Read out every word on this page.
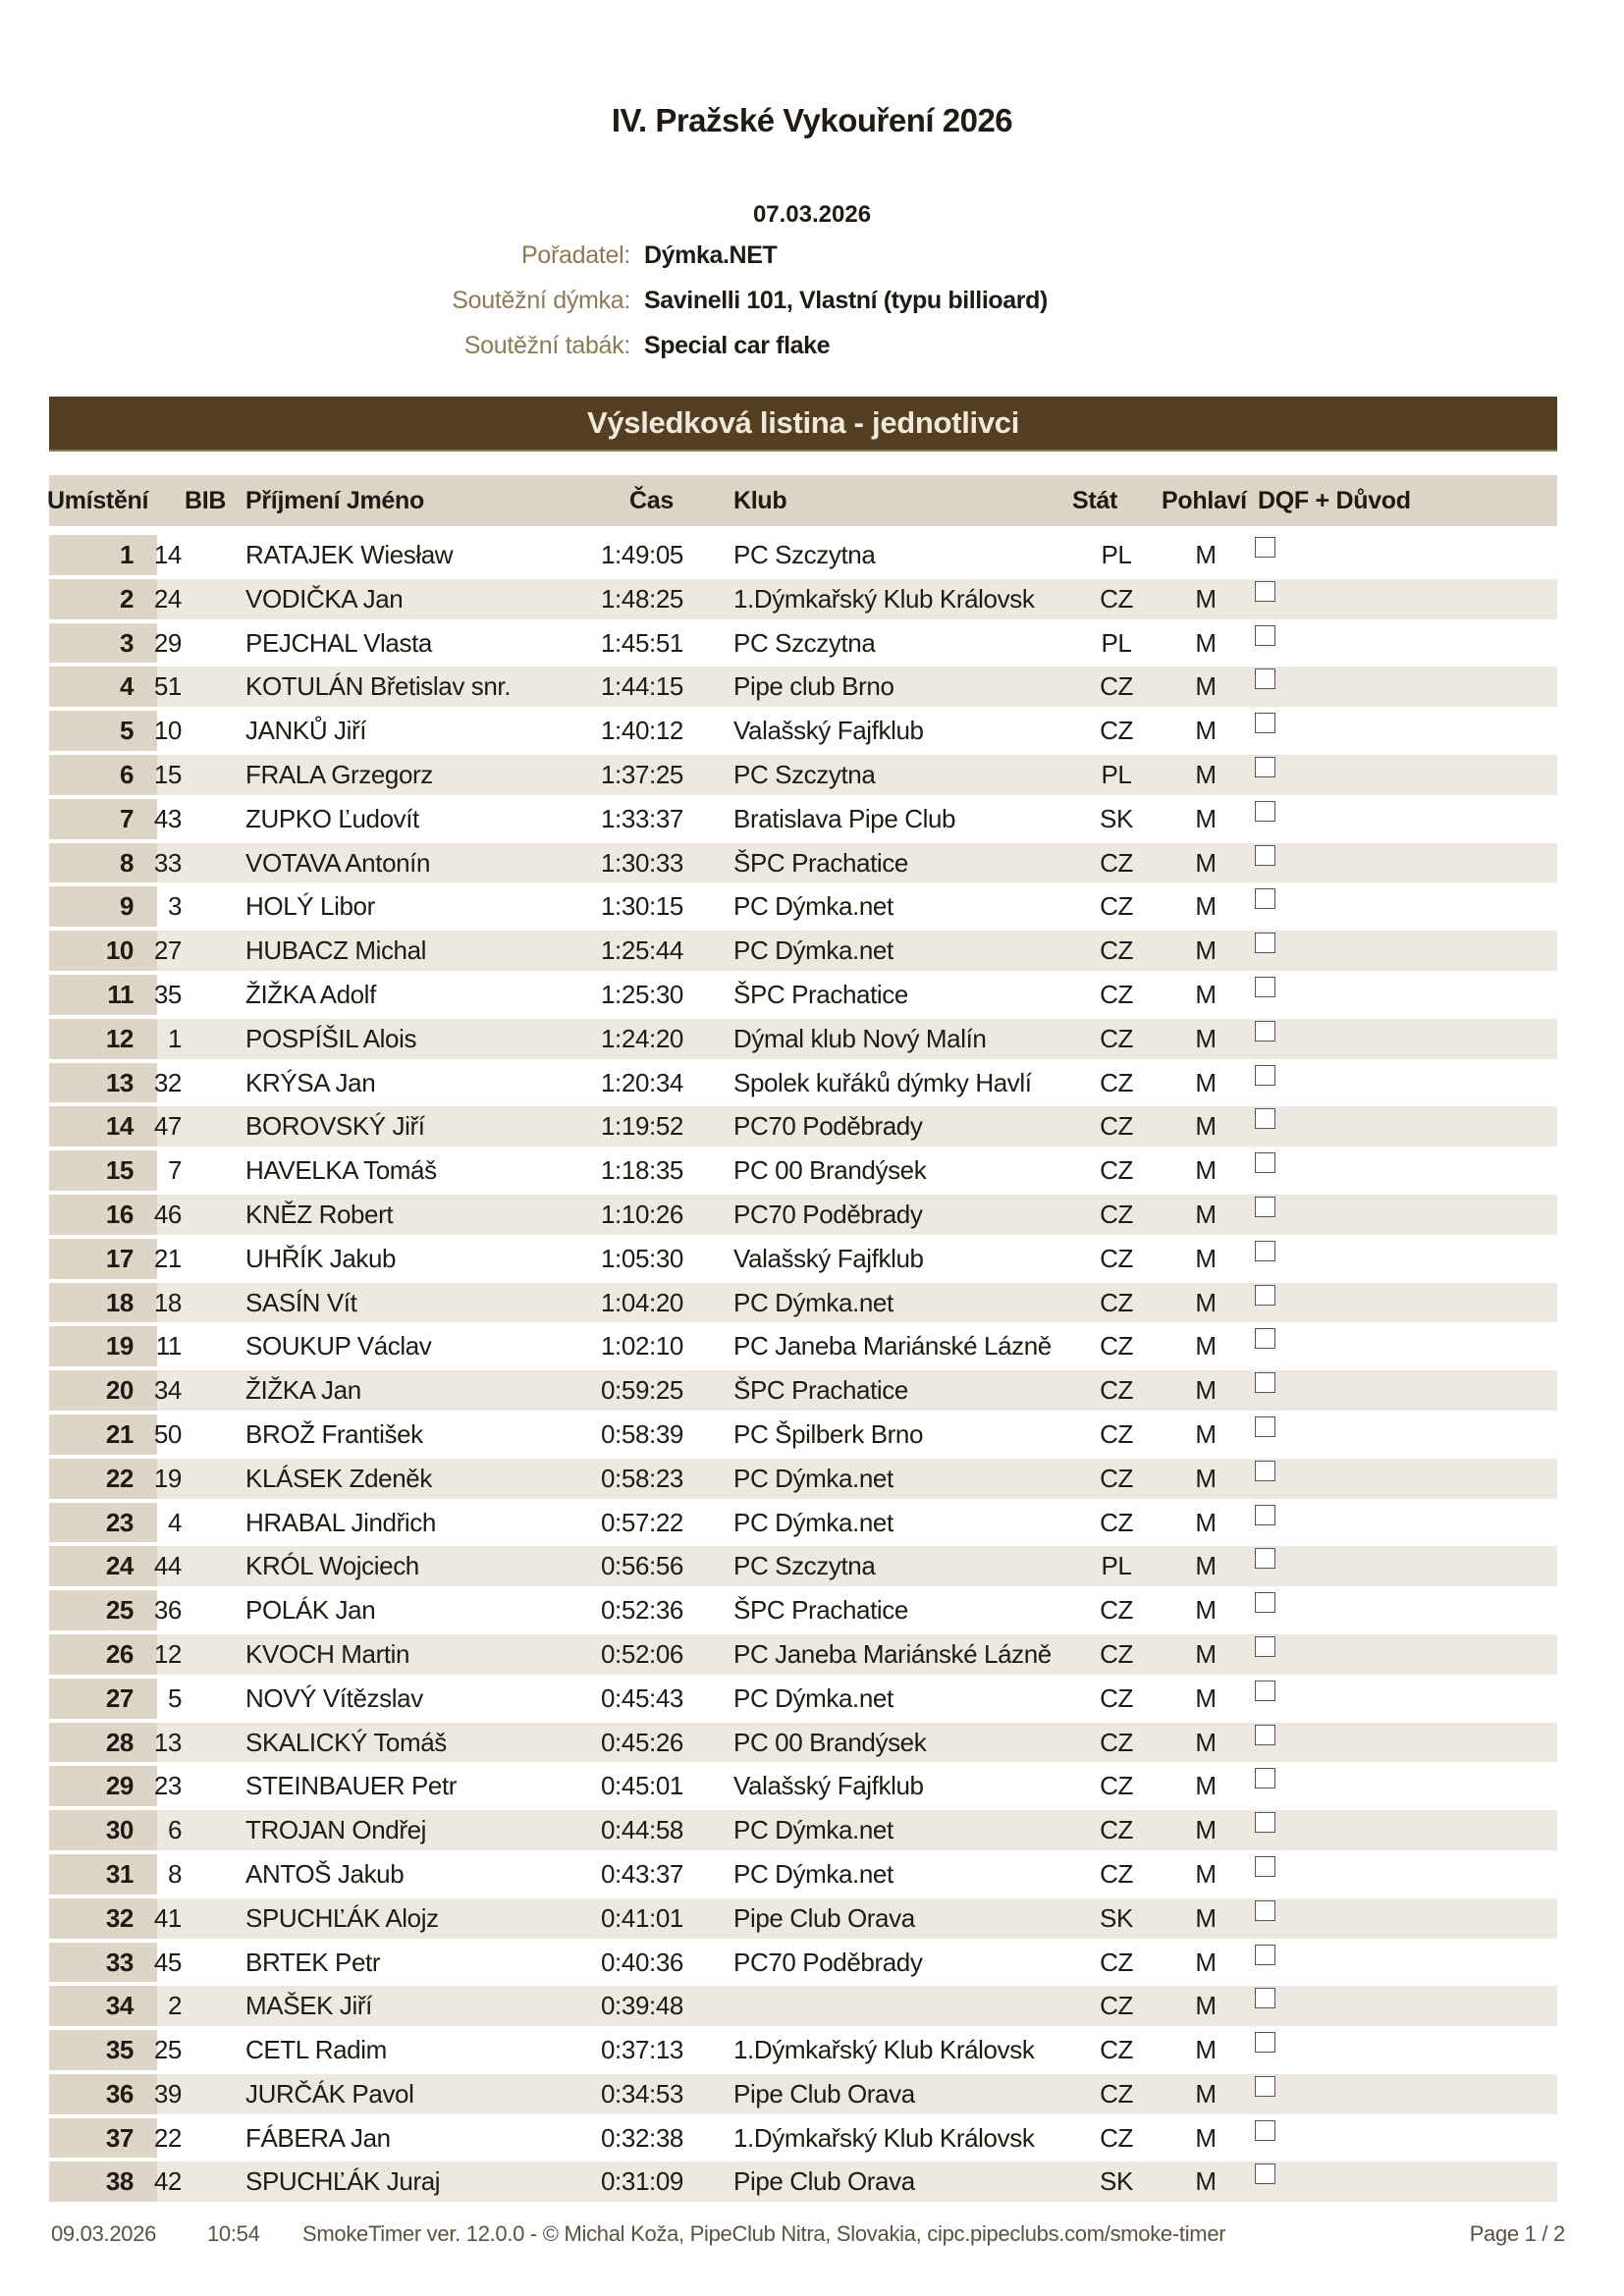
IV. Pražské Vykouření 2026
07.03.2026
Pořadatel: Dýmka.NET
Soutěžní dýmka: Savinelli 101, Vlastní (typu billioard)
Soutěžní tabák: Special car flake
Výsledková listina - jednotlivci
Umístění BIB Příjmení Jméno	Čas Klub	Stát Pohlaví DQF + Důvod
1 14	RATAJEK Wiesław	1:49:05 PC Szczytna	PL	M
2 24	VODIČKA Jan	1:48:25 1.Dýmkařský Klub Královsk	CZ	M
3 29	PEJCHAL Vlasta	1:45:51 PC Szczytna	PL	M
4 51	KOTULÁN Břetislav snr.	1:44:15 Pipe club Brno	CZ	M
5 10	JANKŮ Jiří	1:40:12 Valašský Fajfklub	CZ	M
6 15	FRALA Grzegorz	1:37:25 PC Szczytna	PL	M
7 43	ZUPKO Ľudovít	1:33:37 Bratislava Pipe Club	SK	M
8 33	VOTAVA Antonín	1:30:33 ŠPC Prachatice	CZ	M
9	3	HOLÝ Libor	1:30:15 PC Dýmka.net	CZ	M
10 27	HUBACZ Michal	1:25:44 PC Dýmka.net	CZ	M
11 35	ŽIŽKA Adolf	1:25:30 ŠPC Prachatice	CZ	M
12	1	POSPÍŠIL Alois	1:24:20 Dýmal klub Nový Malín	CZ	M
13 32	KRÝSA Jan	1:20:34 Spolek kuřáků dýmky Havlí	CZ	M
14 47	BOROVSKÝ Jiří	1:19:52 PC70 Poděbrady	CZ	M
15	7	HAVELKA Tomáš	1:18:35 PC 00 Brandýsek	CZ	M
16 46	KNĚZ Robert	1:10:26 PC70 Poděbrady	CZ	M
17 21	UHŘÍK Jakub	1:05:30 Valašský Fajfklub	CZ	M
18 18	SASÍN Vít	1:04:20 PC Dýmka.net	CZ	M
19 11	SOUKUP Václav	1:02:10 PC Janeba Mariánské Lázně	CZ	M
20 34	ŽIŽKA Jan	0:59:25 ŠPC Prachatice	CZ	M
21 50	BROŽ František	0:58:39 PC Špilberk Brno	CZ	M
22 19	KLÁSEK Zdeněk	0:58:23 PC Dýmka.net	CZ	M
23	4	HRABAL Jindřich	0:57:22 PC Dýmka.net	CZ	M
24 44	KRÓL Wojciech	0:56:56 PC Szczytna	PL	M
25 36	POLÁK Jan	0:52:36 ŠPC Prachatice	CZ	M
26 12	KVOCH Martin	0:52:06 PC Janeba Mariánské Lázně	CZ	M
27	5	NOVÝ Vítězslav	0:45:43 PC Dýmka.net	CZ	M
28 13	SKALICKÝ Tomáš	0:45:26 PC 00 Brandýsek	CZ	M
29 23	STEINBAUER Petr	0:45:01 Valašský Fajfklub	CZ	M
30	6	TROJAN Ondřej	0:44:58 PC Dýmka.net	CZ	M
31	8	ANTOŠ Jakub	0:43:37 PC Dýmka.net	CZ	M
32 41	SPUCHĽÁK Alojz	0:41:01 Pipe Club Orava	SK	M
33 45	BRTEK Petr	0:40:36 PC70 Poděbrady	CZ	M
34	2	MAŠEK Jiří	0:39:48	CZ	M
35 25	CETL Radim	0:37:13 1.Dýmkařský Klub Královsk	CZ	M
36 39	JURČÁK Pavol	0:34:53 Pipe Club Orava	CZ	M
37 22	FÁBERA Jan	0:32:38 1.Dýmkařský Klub Královsk	CZ	M
38 42	SPUCHĽÁK Juraj	0:31:09 Pipe Club Orava	SK	M
09.03.2026 10:54 SmokeTimer ver. 12.0.0 - © Michal Koža, PipeClub Nitra, Slovakia, cipc.pipeclubs.com/smoke-timer	Page 1 / 2
